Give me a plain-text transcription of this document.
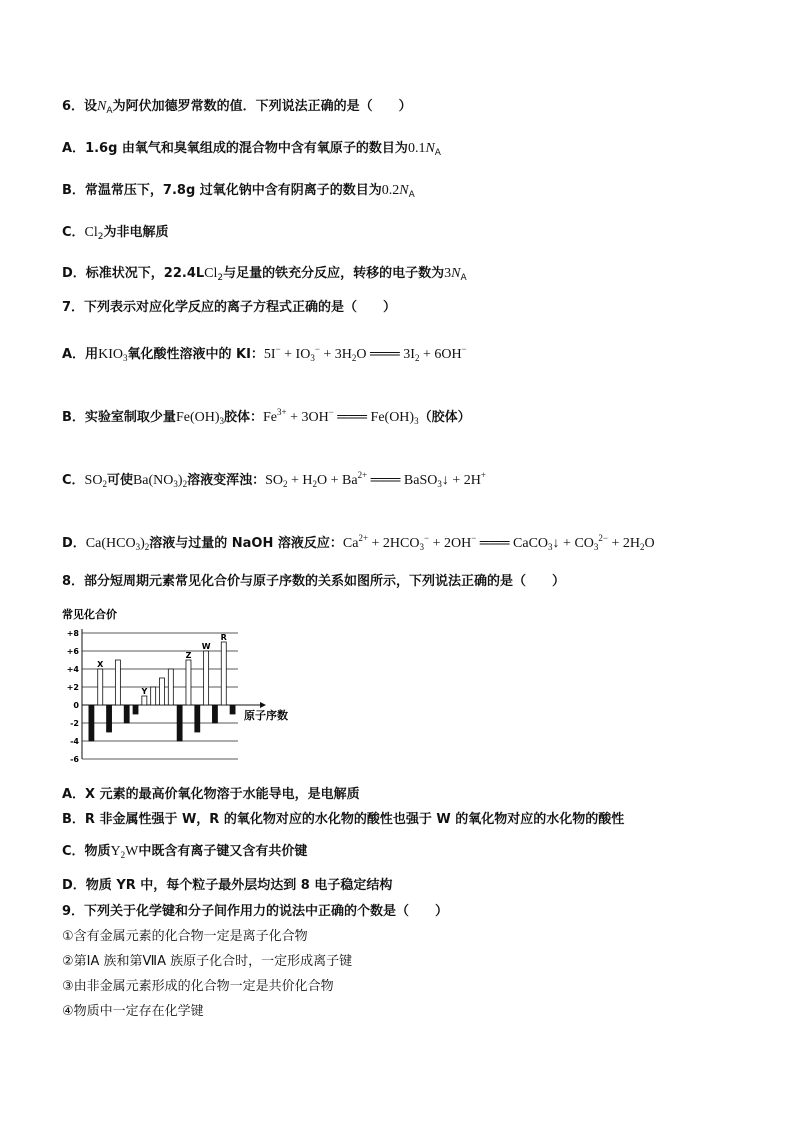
6．设$N_A$为阿伏加德罗常数的值．下列说法正确的是（　　）
A．1.6g 由氧气和臭氧组成的混合物中含有氧原子的数目为$0.1N_A$
B．常温常压下，7.8g 过氧化钠中含有阴离子的数目为$0.2N_A$
C．$Cl_2$为非电解质
D．标准状况下，22.4LCl$_2$与足量的铁充分反应，转移的电子数为$3N_A$
7．下列表示对应化学反应的离子方程式正确的是（　　）
A．用$KIO_3$氧化酸性溶液中的 KI：$5I^- + IO_3^- + 3H_2O$ ═══ $3I_2 + 6OH^-$
B．实验室制取少量$Fe(OH)_3$胶体：$Fe^{3+} + 3OH^-$ ═══ $Fe(OH)_3$（胶体）
C．$SO_2$可使$Ba(NO_3)_2$溶液变浑浊：$SO_2 + H_2O + Ba^{2+}$ ═══ BaSO$_3$↓ + 2H+
D．$Ca(HCO_3)_2$溶液与过量的 NaOH 溶液反应：$Ca^{2+} + 2HCO_3^- + 2OH^-$ ═══ CaCO$_3$↓ + $CO_3^{2-} + 2H_2O$
8．部分短周期元素常见化合价与原子序数的关系如图所示，下列说法正确的是（　　）
常见化合价
+8
+6
+4
+2
0
-2
-4
-6
X
Y
Z
W
R
原子序数
A．X 元素的最高价氧化物溶于水能导电，是电解质
B．R 非金属性强于 W，R 的氧化物对应的水化物的酸性也强于 W 的氧化物对应的水化物的酸性
C．物质$Y_2W$中既含有离子键又含有共价键
D．物质 YR 中，每个粒子最外层均达到 8 电子稳定结构
9．下列关于化学键和分子间作用力的说法中正确的个数是（　　）
①含有金属元素的化合物一定是离子化合物
②第ⅠA 族和第ⅦA 族原子化合时，一定形成离子键
③由非金属元素形成的化合物一定是共价化合物
④物质中一定存在化学键
